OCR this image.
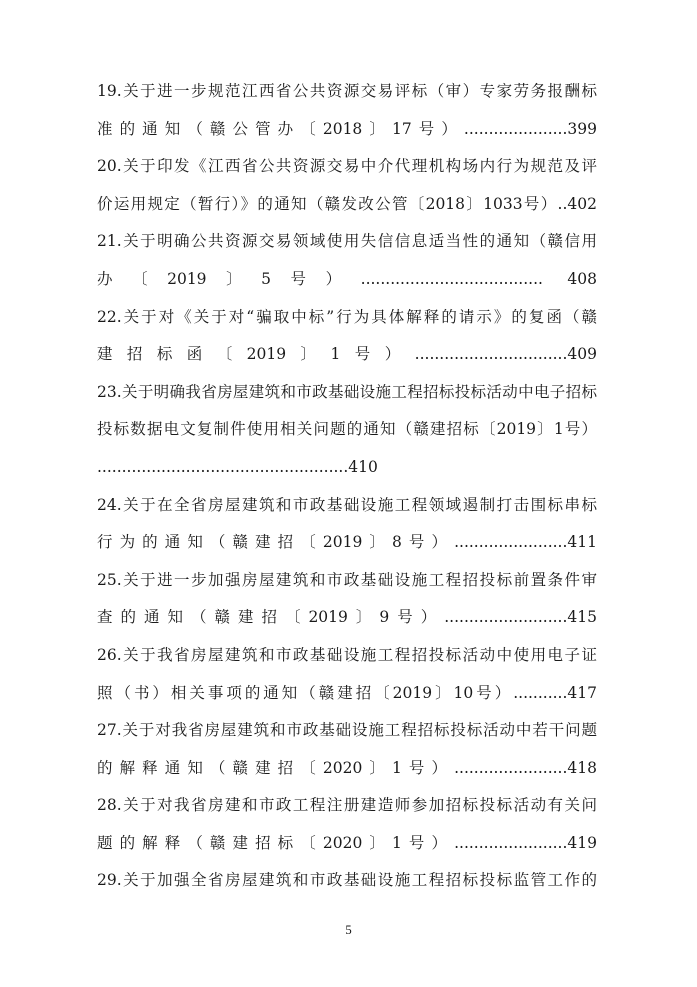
19.关于进一步规范江西省公共资源交易评标（审）专家劳务报酬标
准的通知（赣公管办〔2018〕17号）.....................399
20.关于印发《江西省公共资源交易中介代理机构场内行为规范及评
价运用规定（暂行）》的通知（赣发改公管〔2018〕1033号）..402
21.关于明确公共资源交易领域使用失信信息适当性的通知（赣信用
办〔2019〕5号）..................................... 408
22.关于对《关于对“骗取中标”行为具体解释的请示》的复函（赣
建招标函〔2019〕1号）...............................409
23.关于明确我省房屋建筑和市政基础设施工程招标投标活动中电子招标
投标数据电文复制件使用相关问题的通知（赣建招标〔2019〕1号）
...................................................410
24.关于在全省房屋建筑和市政基础设施工程领域遏制打击围标串标
行为的通知（赣建招〔2019〕8号）.......................411
25.关于进一步加强房屋建筑和市政基础设施工程招投标前置条件审
查的通知（赣建招〔2019〕9号）.........................415
26.关于我省房屋建筑和市政基础设施工程招投标活动中使用电子证
照（书）相关事项的通知（赣建招〔2019〕10号）...........417
27.关于对我省房屋建筑和市政基础设施工程招标投标活动中若干问题
的解释通知（赣建招〔2020〕1号）.......................418
28.关于对我省房建和市政工程注册建造师参加招标投标活动有关问
题的解释（赣建招标〔2020〕1号）.......................419
29.关于加强全省房屋建筑和市政基础设施工程招标投标监管工作的
5
